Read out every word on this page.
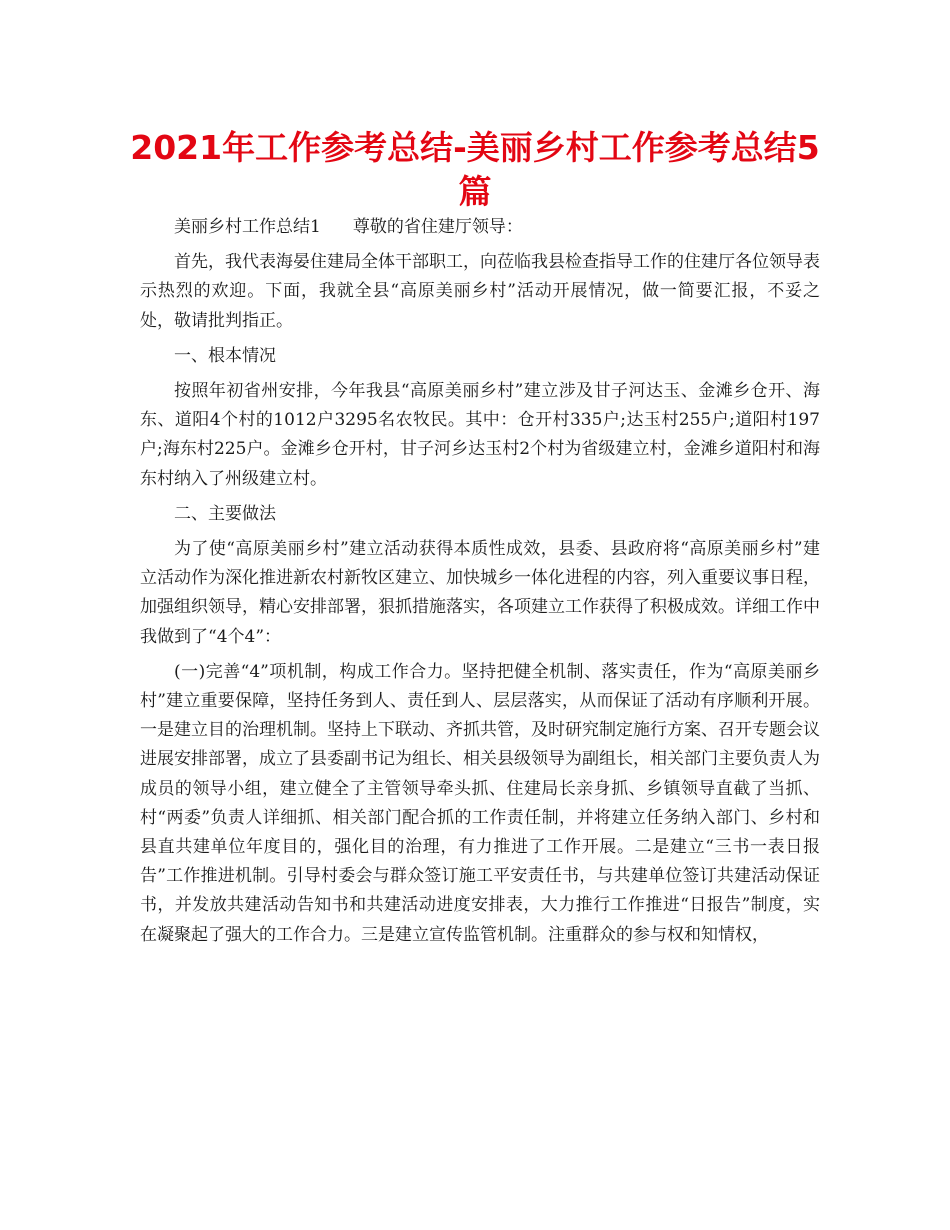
2021年工作参考总结-美丽乡村工作参考总结5篇

美丽乡村工作总结1 尊敬的省住建厅领导：

首先，我代表海晏住建局全体干部职工，向莅临我县检查指导工作的住建厅各位领导表示热烈的欢迎。下面，我就全县“高原美丽乡村”活动开展情况，做一简要汇报，不妥之处，敬请批判指正。

一、根本情况

按照年初省州安排，今年我县“高原美丽乡村”建立涉及甘子河达玉、金滩乡仓开、海东、道阳4个村的1012户3295名农牧民。其中：仓开村335户;达玉村255户;道阳村197户;海东村225户。金滩乡仓开村，甘子河乡达玉村2个村为省级建立村，金滩乡道阳村和海东村纳入了州级建立村。

二、主要做法

为了使“高原美丽乡村”建立活动获得本质性成效，县委、县政府将“高原美丽乡村”建立活动作为深化推进新农村新牧区建立、加快城乡一体化进程的内容，列入重要议事日程，加强组织领导，精心安排部署，狠抓措施落实，各项建立工作获得了积极成效。详细工作中我做到了“4个4”：

(一)完善“4”项机制，构成工作合力。坚持把健全机制、落实责任，作为“高原美丽乡村”建立重要保障，坚持任务到人、责任到人、层层落实，从而保证了活动有序顺利开展。一是建立目的治理机制。坚持上下联动、齐抓共管，及时研究制定施行方案、召开专题会议进展安排部署，成立了县委副书记为组长、相关县级领导为副组长，相关部门主要负责人为成员的领导小组，建立健全了主管领导牵头抓、住建局长亲身抓、乡镇领导直截了当抓、村“两委”负责人详细抓、相关部门配合抓的工作责任制，并将建立任务纳入部门、乡村和县直共建单位年度目的，强化目的治理，有力推进了工作开展。二是建立“三书一表日报告”工作推进机制。引导村委会与群众签订施工平安责任书，与共建单位签订共建活动保证书，并发放共建活动告知书和共建活动进度安排表，大力推行工作推进“日报告”制度，实在凝聚起了强大的工作合力。三是建立宣传监管机制。注重群众的参与权和知情权，
